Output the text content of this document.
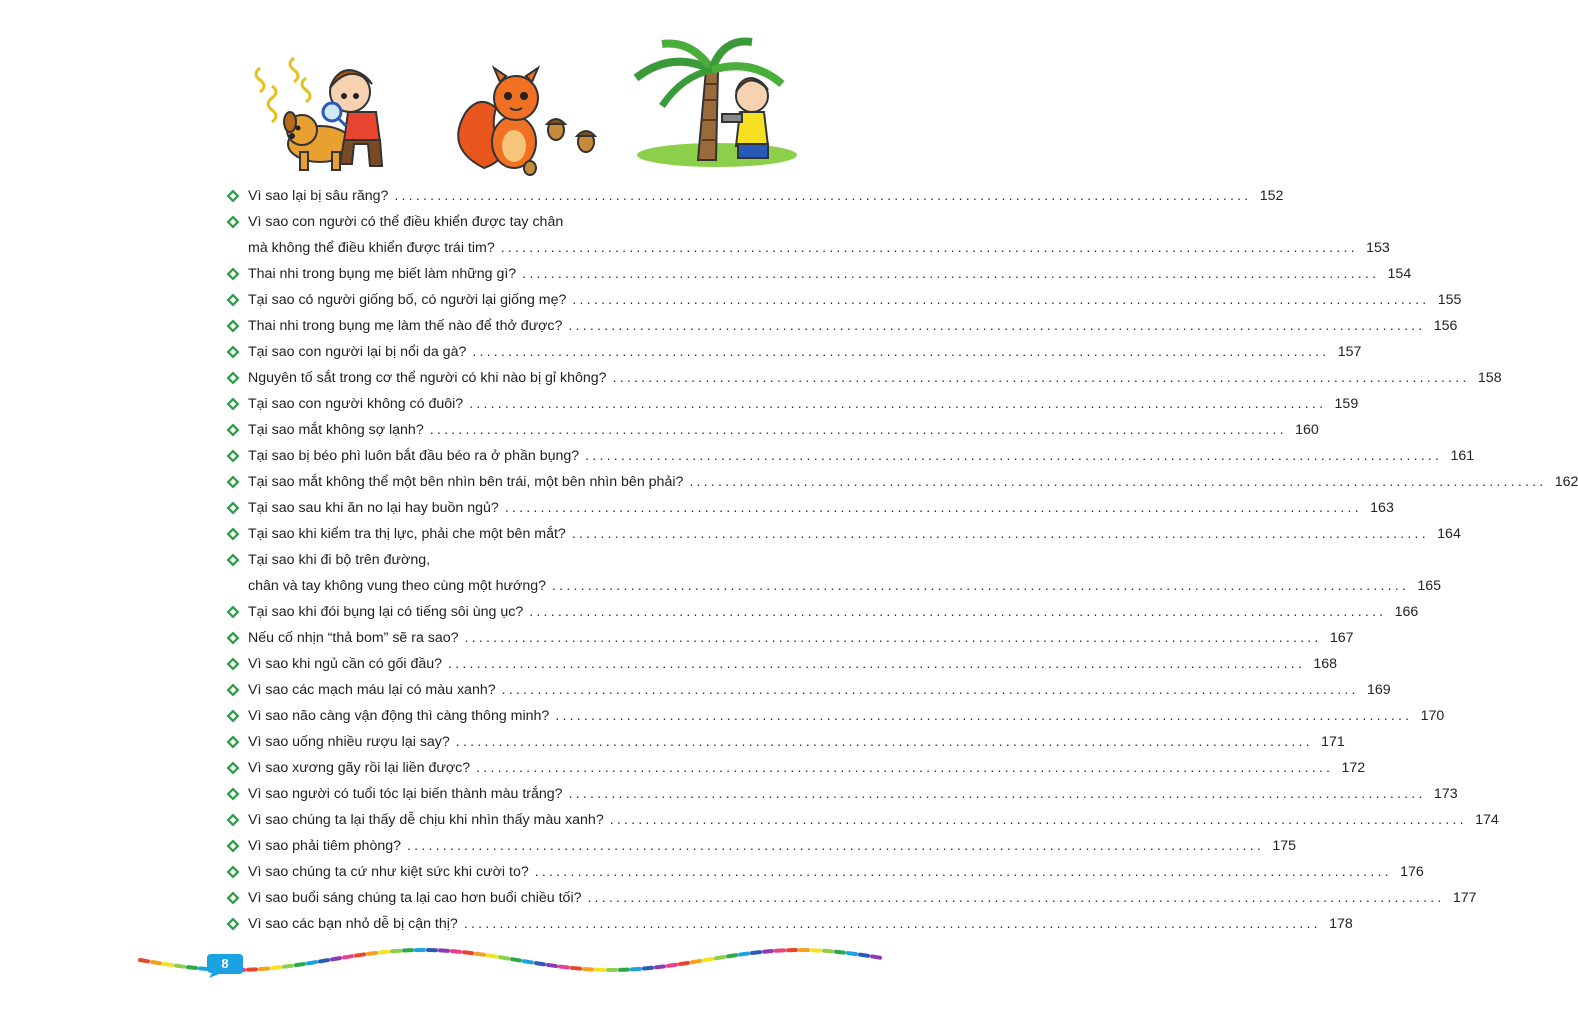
Vì sao lại bị sâu răng? ........................................................................................................................ 152
Vì sao con người có thể điều khiển được tay chân
mà không thể điều khiển được trái tim? ........................................................................................................................ 153
Thai nhi trong bụng mẹ biết làm những gì? ........................................................................................................................ 154
Tại sao có người giống bố, có người lại giống mẹ? ........................................................................................................................ 155
Thai nhi trong bụng mẹ làm thế nào để thở được? ........................................................................................................................ 156
Tại sao con người lại bị nổi da gà? ........................................................................................................................ 157
Nguyên tố sắt trong cơ thể người có khi nào bị gỉ không? ........................................................................................................................ 158
Tại sao con người không có đuôi? ........................................................................................................................ 159
Tại sao mắt không sợ lạnh? ........................................................................................................................ 160
Tại sao bị béo phì luôn bắt đầu béo ra ở phần bụng? ........................................................................................................................ 161
Tại sao mắt không thể một bên nhìn bên trái, một bên nhìn bên phải? ........................................................................................................................ 162
Tại sao sau khi ăn no lại hay buồn ngủ? ........................................................................................................................ 163
Tại sao khi kiểm tra thị lực, phải che một bên mắt? ........................................................................................................................ 164
Tại sao khi đi bộ trên đường,
chân và tay không vung theo cùng một hướng? ........................................................................................................................ 165
Tại sao khi đói bụng lại có tiếng sôi ùng ục? ........................................................................................................................ 166
Nếu cố nhịn “thả bom” sẽ ra sao? ........................................................................................................................ 167
Vì sao khi ngủ cần có gối đầu? ........................................................................................................................ 168
Vì sao các mạch máu lại có màu xanh? ........................................................................................................................ 169
Vì sao não càng vận động thì càng thông minh? ........................................................................................................................ 170
Vì sao uống nhiều rượu lại say? ........................................................................................................................ 171
Vì sao xương gãy rồi lại liền được? ........................................................................................................................ 172
Vì sao người có tuổi tóc lại biến thành màu trắng? ........................................................................................................................ 173
Vì sao chúng ta lại thấy dễ chịu khi nhìn thấy màu xanh? ........................................................................................................................ 174
Vì sao phải tiêm phòng? ........................................................................................................................ 175
Vì sao chúng ta cứ như kiệt sức khi cười to? ........................................................................................................................ 176
Vì sao buổi sáng chúng ta lại cao hơn buổi chiều tối? ........................................................................................................................ 177
Vì sao các bạn nhỏ dễ bị cận thị? ........................................................................................................................ 178
8
